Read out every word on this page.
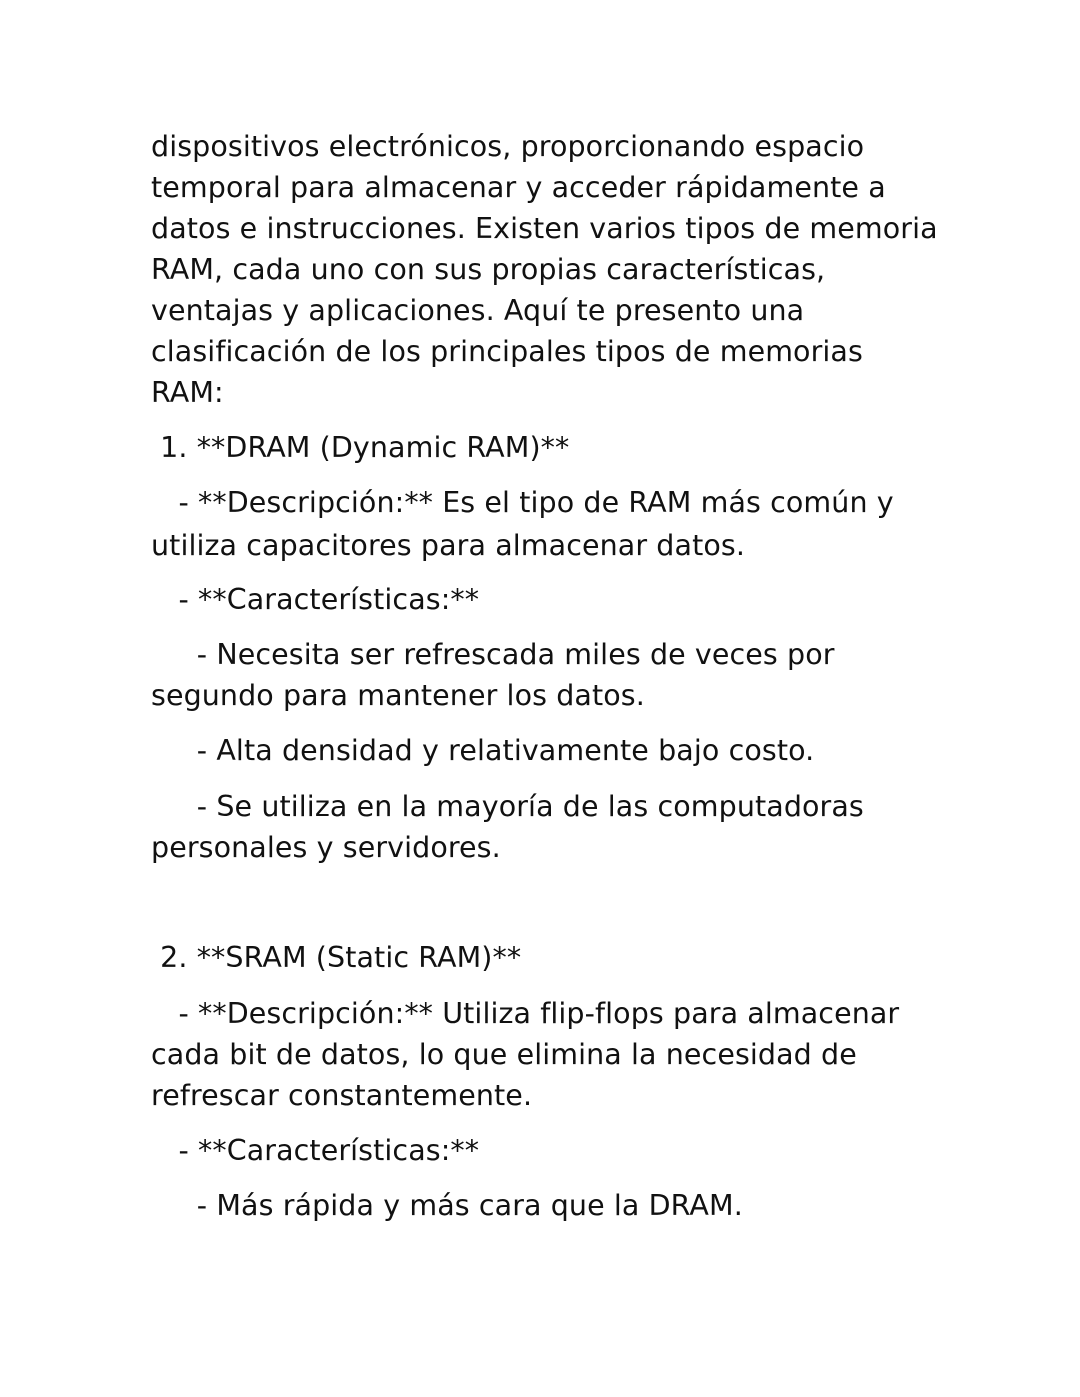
dispositivos electrónicos, proporcionando espacio
temporal para almacenar y acceder rápidamente a
datos e instrucciones. Existen varios tipos de memoria
RAM, cada uno con sus propias características,
ventajas y aplicaciones. Aquí te presento una
clasificación de los principales tipos de memorias
RAM:
1. **DRAM (Dynamic RAM)**
- **Descripción:** Es el tipo de RAM más común y
utiliza capacitores para almacenar datos.
- **Características:**
- Necesita ser refrescada miles de veces por
segundo para mantener los datos.
- Alta densidad y relativamente bajo costo.
- Se utiliza en la mayoría de las computadoras
personales y servidores.
2. **SRAM (Static RAM)**
- **Descripción:** Utiliza flip-flops para almacenar
cada bit de datos, lo que elimina la necesidad de
refrescar constantemente.
- **Características:**
- Más rápida y más cara que la DRAM.
